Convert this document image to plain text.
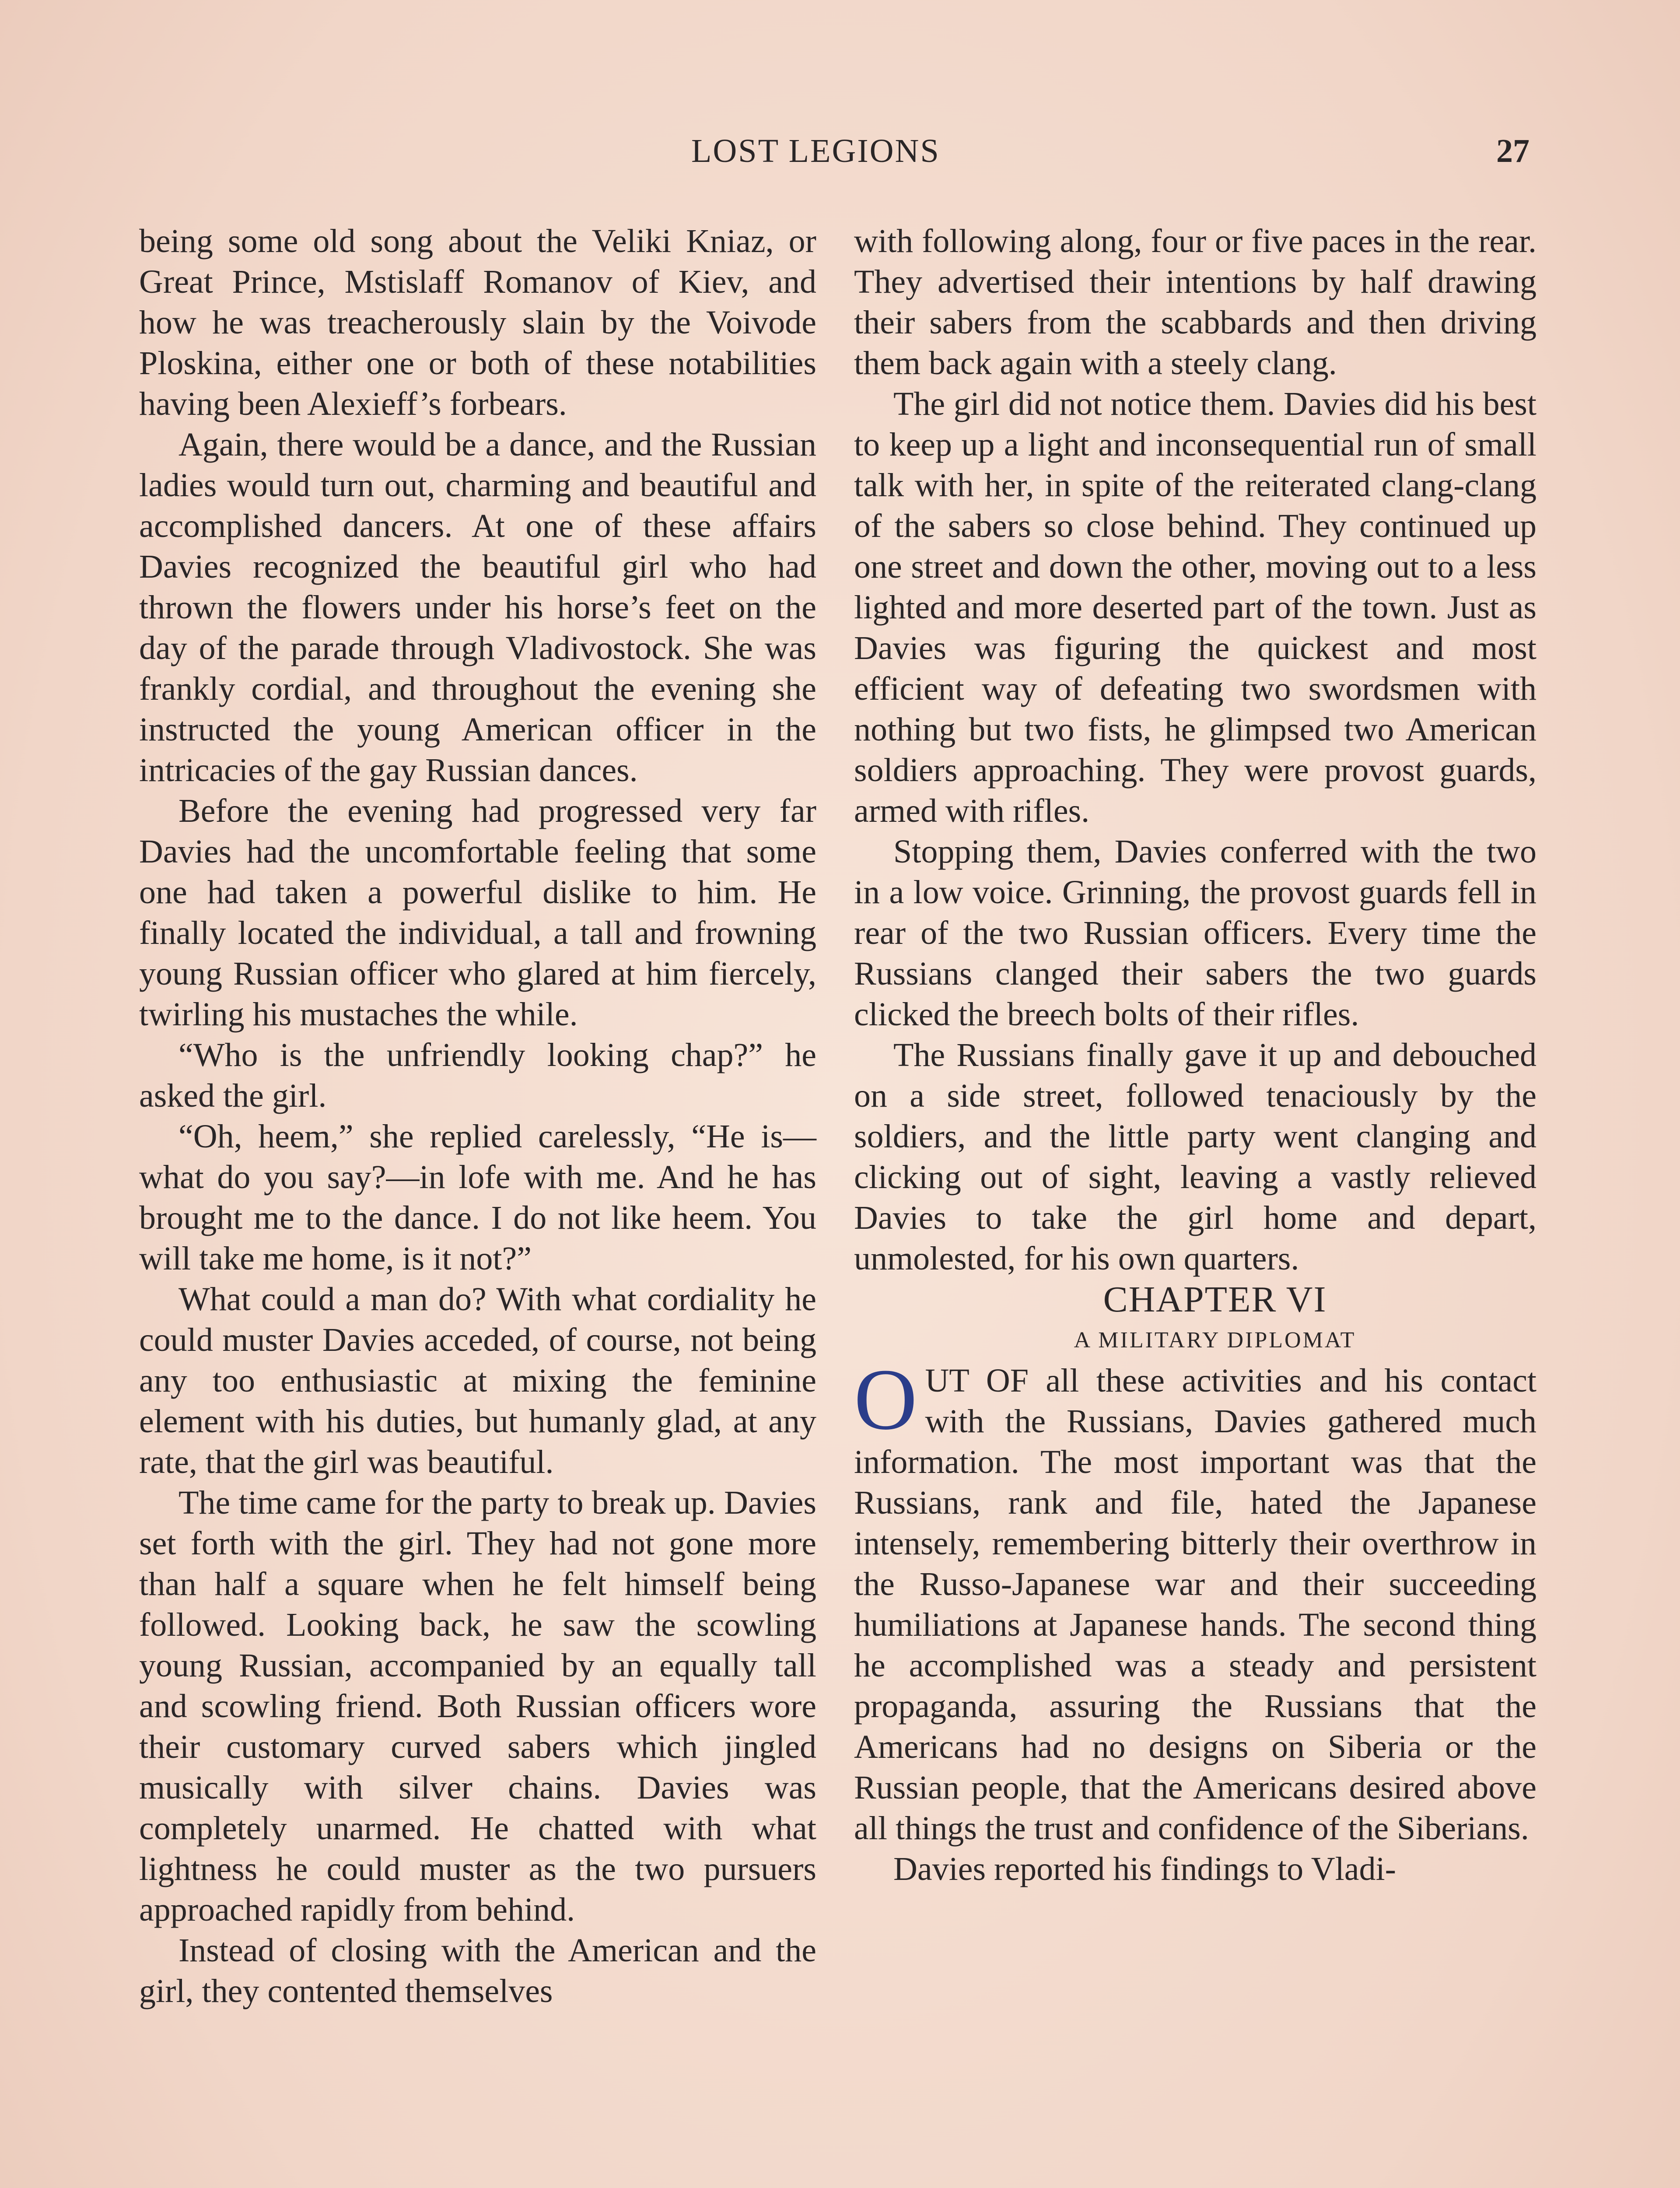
LOST LEGIONS	27

being some old song about the Veliki Kniaz, or Great Prince, Mstislaff Romanov of Kiev, and how he was treacherously slain by the Voivode Ploskina, either one or both of these notabilities having been Alexieff’s forbears.

Again, there would be a dance, and the Russian ladies would turn out, charming and beautiful and accomplished dancers. At one of these affairs Davies recognized the beautiful girl who had thrown the flowers under his horse’s feet on the day of the parade through Vladivostock. She was frankly cordial, and throughout the evening she instructed the young American officer in the intricacies of the gay Russian dances.

Before the evening had progressed very far Davies had the uncomfortable feeling that some one had taken a powerful dislike to him. He finally located the individual, a tall and frowning young Russian officer who glared at him fiercely, twirling his mustaches the while.

“Who is the unfriendly looking chap?” he asked the girl.

“Oh, heem,” she replied carelessly, “He is—what do you say?—in lofe with me. And he has brought me to the dance. I do not like heem. You will take me home, is it not?”

What could a man do? With what cordiality he could muster Davies acceded, of course, not being any too enthusiastic at mixing the feminine element with his duties, but humanly glad, at any rate, that the girl was beautiful.

The time came for the party to break up. Davies set forth with the girl. They had not gone more than half a square when he felt himself being followed. Looking back, he saw the scowling young Russian, accompanied by an equally tall and scowling friend. Both Russian officers wore their customary curved sabers which jingled musically with silver chains. Davies was completely unarmed. He chatted with what lightness he could muster as the two pursuers approached rapidly from behind.

Instead of closing with the American and the girl, they contented themselves

with following along, four or five paces in the rear. They advertised their intentions by half drawing their sabers from the scabbards and then driving them back again with a steely clang.

The girl did not notice them. Davies did his best to keep up a light and inconsequential run of small talk with her, in spite of the reiterated clang-clang of the sabers so close behind. They continued up one street and down the other, moving out to a less lighted and more deserted part of the town. Just as Davies was figuring the quickest and most efficient way of defeating two swordsmen with nothing but two fists, he glimpsed two American soldiers approaching. They were provost guards, armed with rifles.

Stopping them, Davies conferred with the two in a low voice. Grinning, the provost guards fell in rear of the two Russian officers. Every time the Russians clanged their sabers the two guards clicked the breech bolts of their rifles.

The Russians finally gave it up and debouched on a side street, followed tenaciously by the soldiers, and the little party went clanging and clicking out of sight, leaving a vastly relieved Davies to take the girl home and depart, unmolested, for his own quarters.

CHAPTER VI

A MILITARY DIPLOMAT

OUT OF all these activities and his contact with the Russians, Davies gathered much information. The most important was that the Russians, rank and file, hated the Japanese intensely, remembering bitterly their overthrow in the Russo-Japanese war and their succeeding humiliations at Japanese hands. The second thing he accomplished was a steady and persistent propaganda, assuring the Russians that the Americans had no designs on Siberia or the Russian people, that the Americans desired above all things the trust and confidence of the Siberians.

Davies reported his findings to Vladi-
